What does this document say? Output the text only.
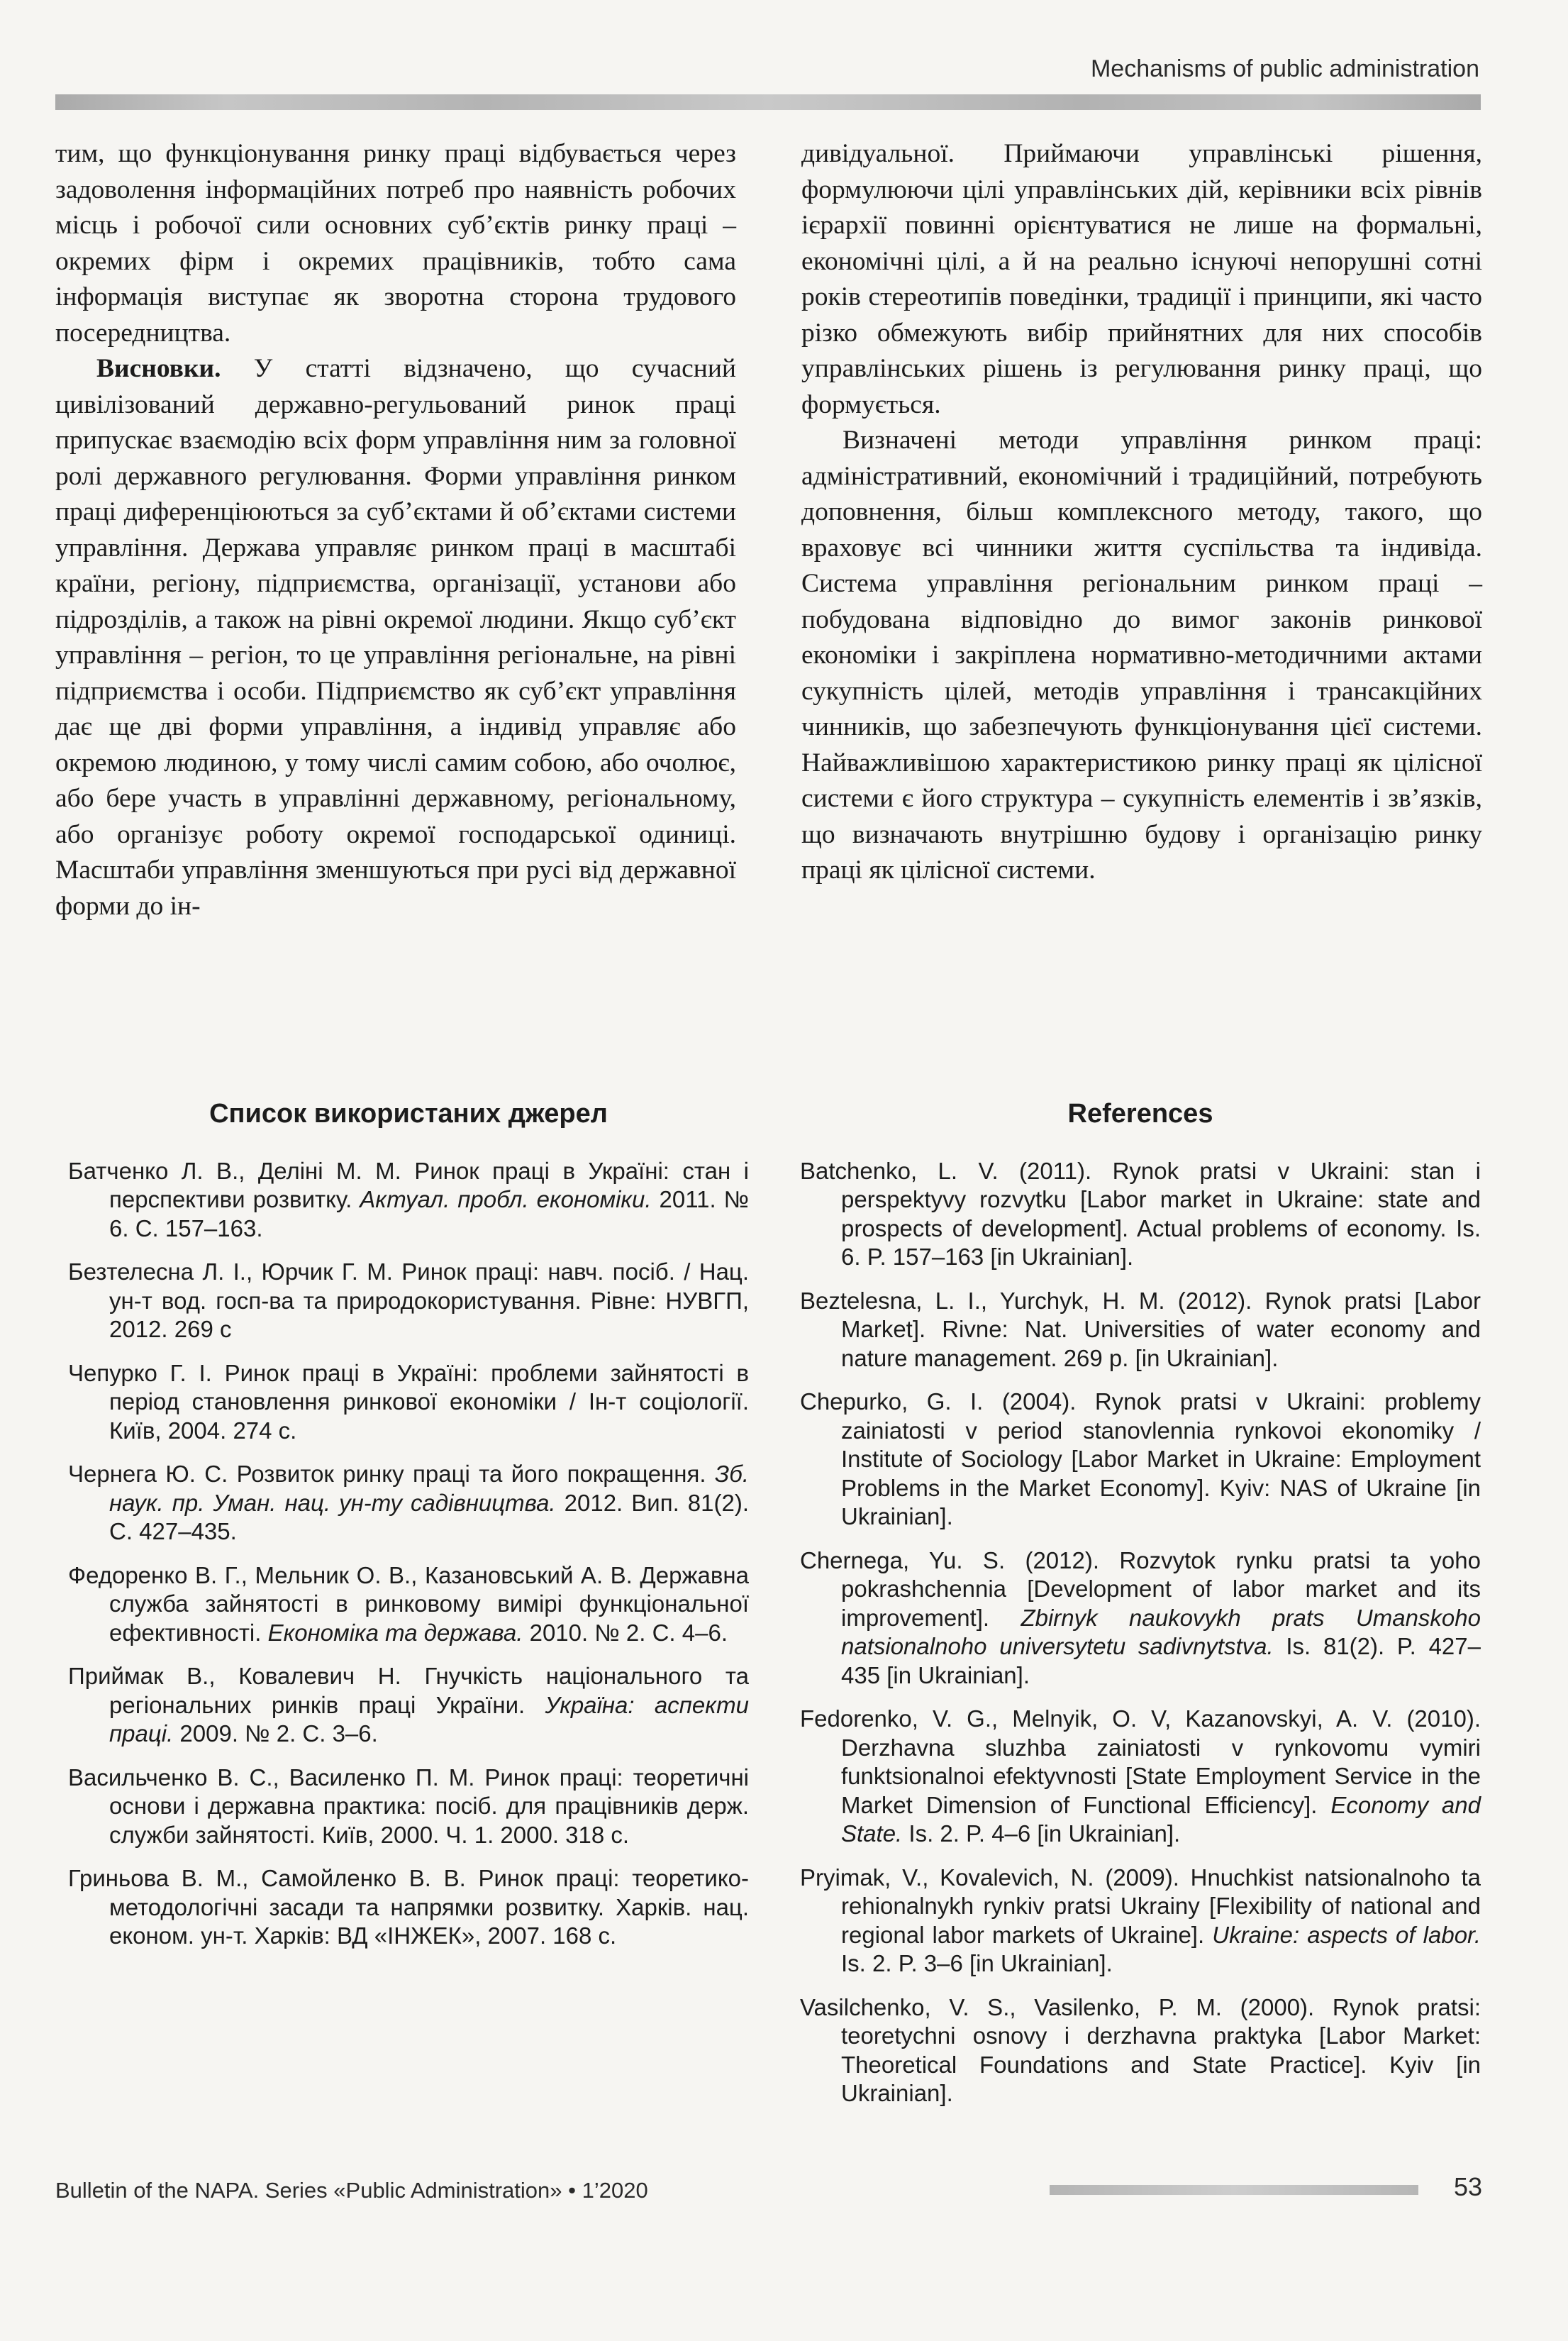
Mechanisms of public administration

тим, що функціонування ринку праці відбувається через задоволення інформаційних потреб про наявність робочих місць і робочої сили основних суб’єктів ринку праці – окремих фірм і окремих працівників, тобто сама інформація виступає як зворотна сторона трудового посередництва.

Висновки. У статті відзначено, що сучасний цивілізований державно-регульований ринок праці припускає взаємодію всіх форм управління ним за головної ролі державного регулювання. Форми управління ринком праці диференціюються за суб’єктами й об’єктами системи управління. Держава управляє ринком праці в масштабі країни, регіону, підприємства, організації, установи або підрозділів, а також на рівні окремої людини. Якщо суб’єкт управління – регіон, то це управління регіональне, на рівні підприємства і особи. Підприємство як суб’єкт управління дає ще дві форми управління, а індивід управляє або окремою людиною, у тому числі самим собою, або очолює, або бере участь в управлінні державному, регіональному, або організує роботу окремої господарської одиниці. Масштаби управління зменшуються при русі від державної форми до ін-

дивідуальної. Приймаючи управлінські рішення, формулюючи цілі управлінських дій, керівники всіх рівнів ієрархії повинні орієнтуватися не лише на формальні, економічні цілі, а й на реально існуючі непорушні сотні років стереотипів поведінки, традиції і принципи, які часто різко обмежують вибір прийнятних для них способів управлінських рішень із регулювання ринку праці, що формується.

Визначені методи управління ринком праці: адміністративний, економічний і традиційний, потребують доповнення, більш комплексного методу, такого, що враховує всі чинники життя суспільства та індивіда. Система управління регіональним ринком праці – побудована відповідно до вимог законів ринкової економіки і закріплена нормативно-методичними актами сукупність цілей, методів управління і трансакційних чинників, що забезпечують функціонування цієї системи. Найважливішою характеристикою ринку праці як цілісної системи є його структура – сукупність елементів і зв’язків, що визначають внутрішню будову і організацію ринку праці як цілісної системи.

Список використаних джерел

Батченко Л. В., Делінi М. М. Ринок праці в Україні: стан і перспективи розвитку. Актуал. пробл. економіки. 2011. № 6. С. 157–163.

Безтелесна Л. І., Юрчик Г. М. Ринок праці: навч. посіб. / Нац. ун-т вод. госп-ва та природокористування. Рівне: НУВГП, 2012. 269 с

Чепурко Г. І. Ринок праці в Україні: проблеми зайнятості в період становлення ринкової економіки / Ін-т соціології. Київ, 2004. 274 с.

Чернега Ю. С. Розвиток ринку праці та його покращення. Зб. наук. пр. Уман. нац. ун-ту садівництва. 2012. Вип. 81(2). С. 427–435.

Федоренко В. Г., Мельник О. В., Казановський А. В. Державна служба зайнятості в ринковому вимірі функціональної ефективності. Економіка та держава. 2010. № 2. С. 4–6.

Приймак В., Ковалевич Н. Гнучкість національного та регіональних ринків праці України. Україна: аспекти праці. 2009. № 2. С. 3–6.

Васильченко В. С., Василенко П. М. Ринок праці: теоретичні основи і державна практика: посіб. для працівників держ. служби зайнятості. Київ, 2000. Ч. 1. 2000. 318 с.

Гриньова В. М., Самойленко В. В. Ринок праці: теоретико-методологічні засади та напрямки розвитку. Харків. нац. економ. ун-т. Харків: ВД «ІНЖЕК», 2007. 168 с.

References

Batchenko, L. V. (2011). Rynok pratsi v Ukraini: stan i perspektyvy rozvytku [Labor market in Ukraine: state and prospects of development]. Actual problems of economy. Is. 6. P. 157–163 [in Ukrainian].

Beztelesna, L. I., Yurchyk, H. M. (2012). Rynok pratsi [Labor Market]. Rivne: Nat. Universities of water economy and nature management. 269 p. [in Ukrainian].

Chepurko, G. I. (2004). Rynok pratsi v Ukraini: problemy zainiatosti v period stanovlennia rynkovoi ekonomiky / Institute of Sociology [Labor Market in Ukraine: Employment Problems in the Market Economy]. Kyiv: NAS of Ukraine [in Ukrainian].

Chernega, Yu. S. (2012). Rozvytok rynku pratsi ta yoho pokrashchennia [Development of labor market and its improvement]. Zbirnyk naukovykh prats Umanskoho natsionalnoho universytetu sadivnytstva. Is. 81(2). P. 427–435 [in Ukrainian].

Fedorenko, V. G., Melnyik, O. V, Kazanovskyi, A. V. (2010). Derzhavna sluzhba zainiatosti v rynkovomu vymiri funktsionalnoi efektyvnosti [State Employment Service in the Market Dimension of Functional Efficiency]. Economy and State. Is. 2. P. 4–6 [in Ukrainian].

Pryimak, V., Kovalevich, N. (2009). Hnuchkist natsionalnoho ta rehionalnykh rynkiv pratsi Ukrainy [Flexibility of national and regional labor markets of Ukraine]. Ukraine: aspects of labor. Is. 2. P. 3–6 [in Ukrainian].

Vasilchenko, V. S., Vasilenko, P. M. (2000). Rynok pratsi: teoretychni osnovy i derzhavna praktyka [Labor Market: Theoretical Foundations and State Practice]. Kyiv [in Ukrainian].

Bulletin of the NAPA. Series «Public Administration» • 1’2020	53
